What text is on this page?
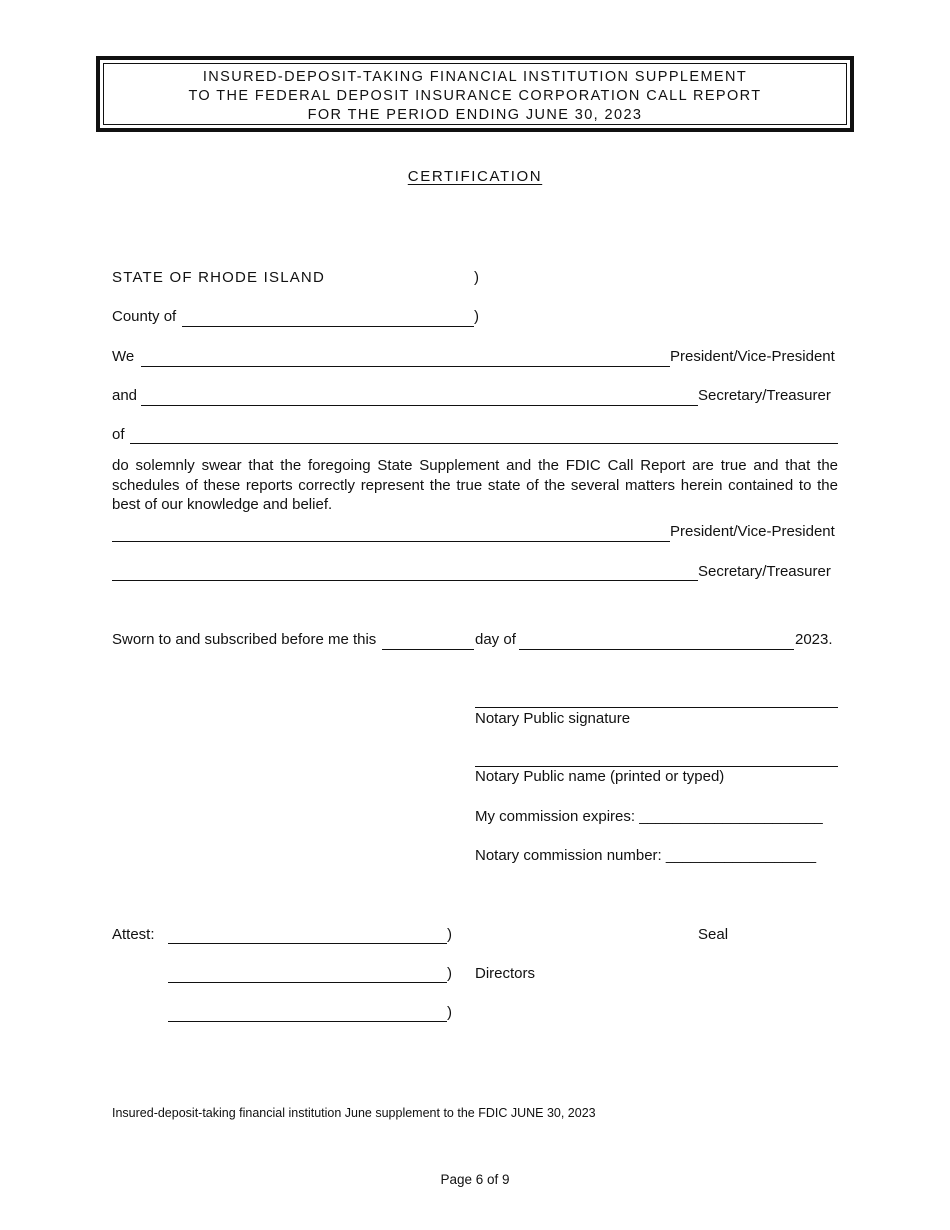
INSURED-DEPOSIT-TAKING FINANCIAL INSTITUTION SUPPLEMENT
TO THE FEDERAL DEPOSIT INSURANCE CORPORATION CALL REPORT
FOR THE PERIOD ENDING JUNE 30, 2023
CERTIFICATION
STATE OF RHODE ISLAND	)
County of	)
We	President/Vice-President
and	Secretary/Treasurer
of
do solemnly swear that the foregoing State Supplement and the FDIC Call Report are true and that the schedules of these reports correctly represent the true state of the several matters herein contained to the best of our knowledge and belief.
President/Vice-President
Secretary/Treasurer
Sworn to and subscribed before me this	day of	2023.
Notary Public signature
Notary Public name (printed or typed)
My commission expires: ______________________
Notary commission number: __________________
Attest:	)	Seal
) Directors
)
Insured-deposit-taking financial institution June supplement to the FDIC JUNE 30, 2023
Page 6 of 9
